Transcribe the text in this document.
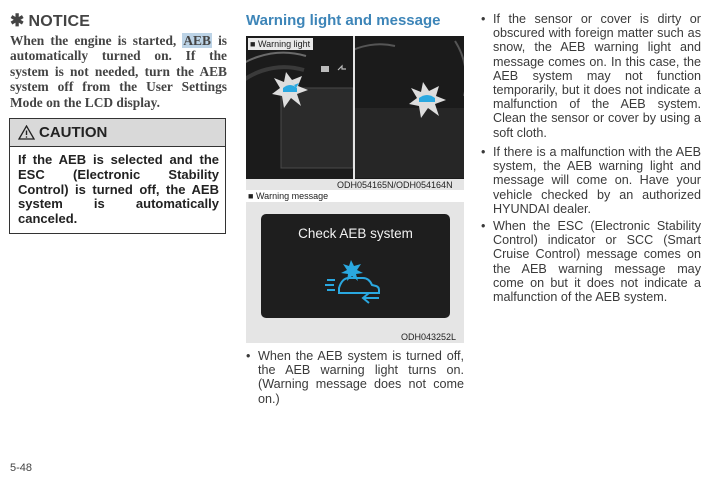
✱ NOTICE
When the engine is started, AEB is automatically turned on. If the system is not needed, turn the AEB system off from the User Settings Mode on the LCD display.
CAUTION
If the AEB is selected and the ESC (Electronic Stability Control) is turned off, the AEB system is automatically canceled.
Warning light and message
■ Warning light
ODH054165N/ODH054164N
■ Warning message
Check AEB system
ODH043252L
• When the AEB system is turned off, the AEB warning light turns on. (Warning message does not come on.)
• If the sensor or cover is dirty or obscured with foreign matter such as snow, the AEB warning light and message comes on. In this case, the AEB system may not function temporarily, but it does not indicate a malfunction of the AEB system. Clean the sensor or cover by using a soft cloth.
• If there is a malfunction with the AEB system, the AEB warning light and message will come on. Have your vehicle checked by an authorized HYUNDAI dealer.
• When the ESC (Electronic Stability Control) indicator or SCC (Smart Cruise Control) message comes on the AEB warning message may come on but it does not indicate a malfunction of the AEB system.
5-48
